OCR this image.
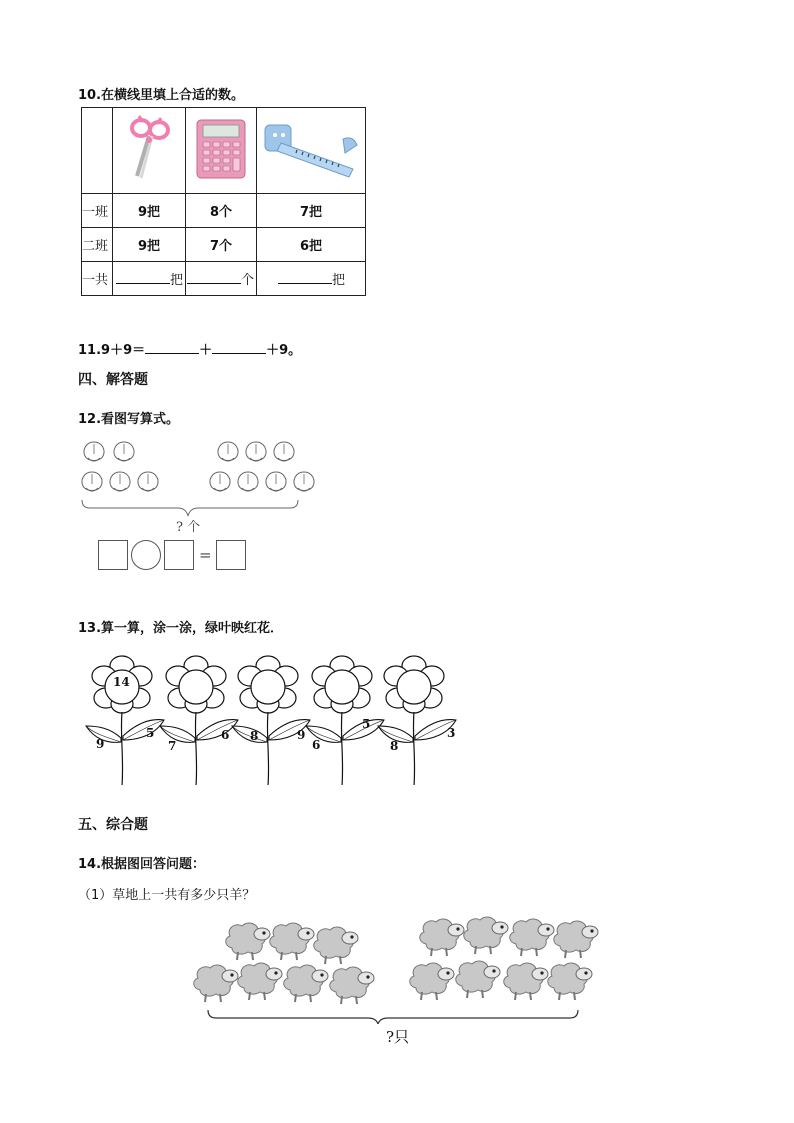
10.在横线里填上合适的数。

一班	9把	8个	7把
二班	9把	7个	6把
一共	把	个	把
11.9＋9＝	＋	＋9。
四、解答题
12.看图写算式。
? 个
=
13.算一算，涂一涂，绿叶映红花．
14
9
5
7
6 8	9
6
5
8
3
五、综合题
14.根据图回答问题：
（1）草地上一共有多少只羊？
?只
